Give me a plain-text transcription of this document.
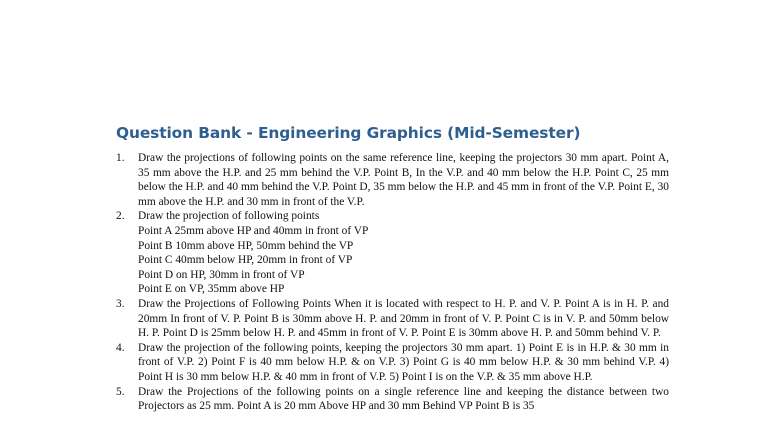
Question Bank - Engineering Graphics (Mid-Semester)
1. Draw the projections of following points on the same reference line, keeping the projectors 30 mm apart. Point A, 35 mm above the H.P. and 25 mm behind the V.P. Point B, In the V.P. and 40 mm below the H.P. Point C, 25 mm below the H.P. and 40 mm behind the V.P. Point D, 35 mm below the H.P. and 45 mm in front of the V.P. Point E, 30 mm above the H.P. and 30 mm in front of the V.P.
2. Draw the projection of following points
Point A 25mm above HP and 40mm in front of VP
Point B 10mm above HP, 50mm behind the VP
Point C 40mm below HP, 20mm in front of VP
Point D on HP, 30mm in front of VP
Point E on VP, 35mm above HP
3. Draw the Projections of Following Points When it is located with respect to H. P. and V. P. Point A is in H. P. and 20mm In front of V. P. Point B is 30mm above H. P. and 20mm in front of V. P. Point C is in V. P. and 50mm below H. P. Point D is 25mm below H. P. and 45mm in front of V. P. Point E is 30mm above H. P. and 50mm behind V. P.
4. Draw the projection of the following points, keeping the projectors 30 mm apart. 1) Point E is in H.P. & 30 mm in front of V.P. 2) Point F is 40 mm below H.P. & on V.P. 3) Point G is 40 mm below H.P. & 30 mm behind V.P. 4) Point H is 30 mm below H.P. & 40 mm in front of V.P. 5) Point I is on the V.P. & 35 mm above H.P.
5. Draw the Projections of the following points on a single reference line and keeping the distance between two Projectors as 25 mm. Point A is 20 mm Above HP and 30 mm Behind VP Point B is 35
